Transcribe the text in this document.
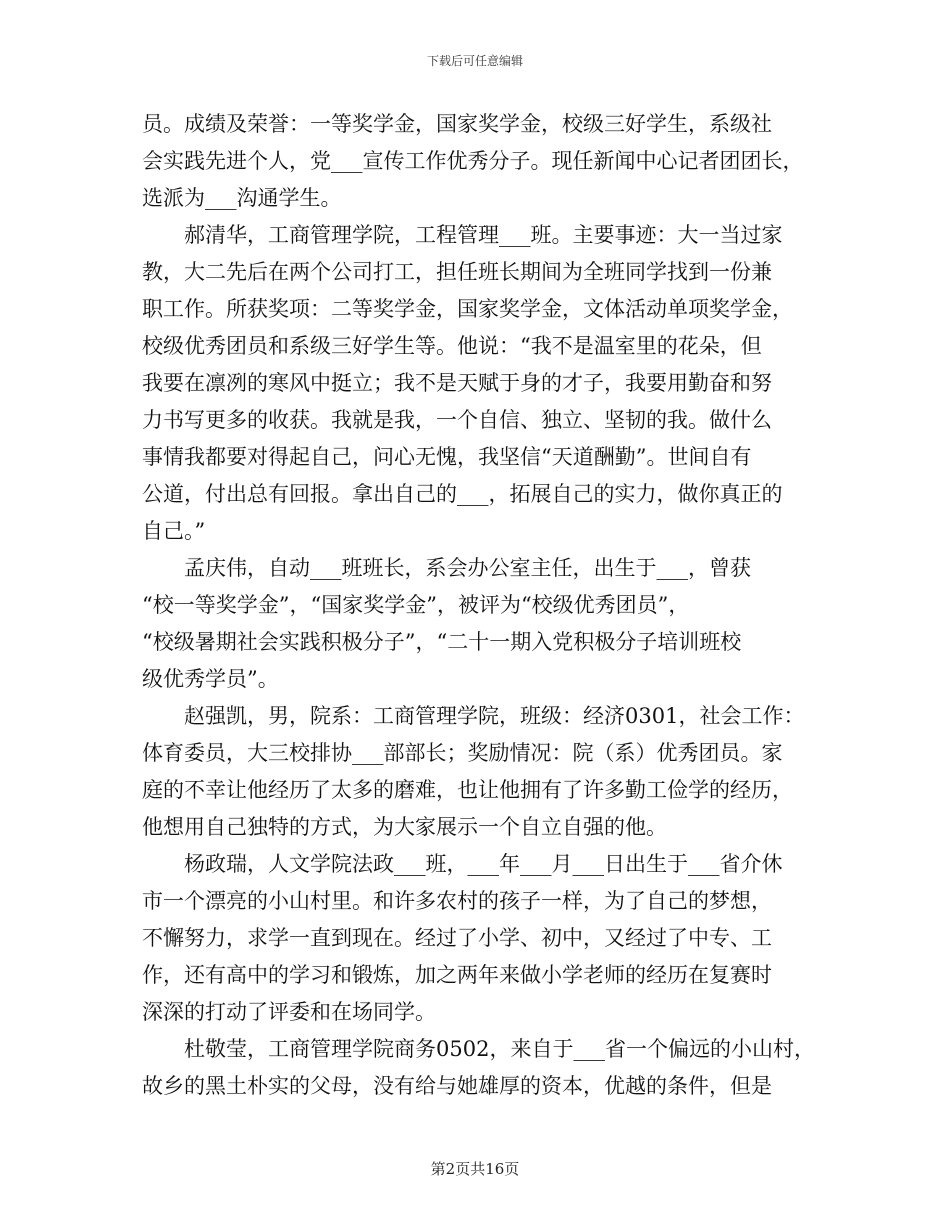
下载后可任意编辑
员。成绩及荣誉：一等奖学金，国家奖学金，校级三好学生，系级社
会实践先进个人，党___宣传工作优秀分子。现任新闻中心记者团团长，
选派为___沟通学生。
郝清华，工商管理学院，工程管理___班。主要事迹：大一当过家
教，大二先后在两个公司打工，担任班长期间为全班同学找到一份兼
职工作。所获奖项：二等奖学金，国家奖学金，文体活动单项奖学金，
校级优秀团员和系级三好学生等。他说：“我不是温室里的花朵，但
我要在凛冽的寒风中挺立；我不是天赋于身的才子，我要用勤奋和努
力书写更多的收获。我就是我，一个自信、独立、坚韧的我。做什么
事情我都要对得起自己，问心无愧，我坚信“天道酬勤”。世间自有
公道，付出总有回报。拿出自己的___，拓展自己的实力，做你真正的
自己。”
孟庆伟，自动___班班长，系会办公室主任，出生于___，曾获
“校一等奖学金”，“国家奖学金”，被评为“校级优秀团员”，
“校级暑期社会实践积极分子”，“二十一期入党积极分子培训班校
级优秀学员”。
赵强凯，男，院系：工商管理学院，班级：经济0301，社会工作：
体育委员，大三校排协___部部长；奖励情况：院（系）优秀团员。家
庭的不幸让他经历了太多的磨难，也让他拥有了许多勤工俭学的经历，
他想用自己独特的方式，为大家展示一个自立自强的他。
杨政瑞，人文学院法政___班，___年___月___日出生于___省介休
市一个漂亮的小山村里。和许多农村的孩子一样，为了自己的梦想，
不懈努力，求学一直到现在。经过了小学、初中，又经过了中专、工
作，还有高中的学习和锻炼，加之两年来做小学老师的经历在复赛时
深深的打动了评委和在场同学。
杜敬莹，工商管理学院商务0502，来自于___省一个偏远的小山村，
故乡的黑土朴实的父母，没有给与她雄厚的资本，优越的条件，但是
第2页共16页
